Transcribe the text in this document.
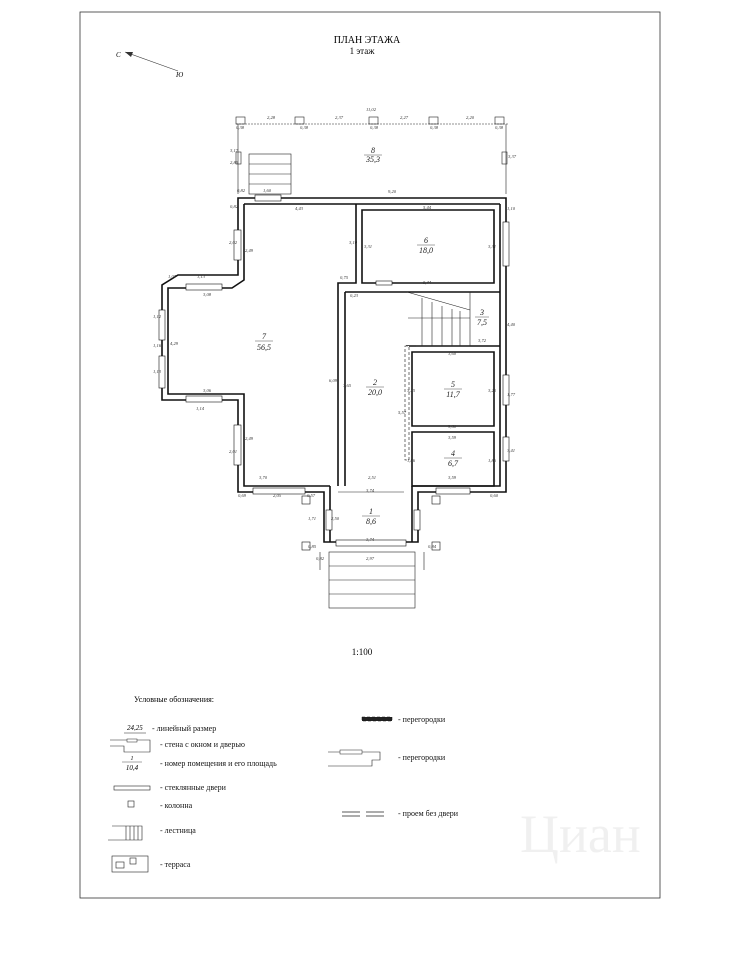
ПЛАН ЭТАЖА
1 этаж
С
Ю
8
35,3
6
18,0
7
56,5
3
7,5
2
20,0
5
11,7
4
6,7
1
8,6
11,02
0,38
2,28
0,38
2,37
0,38
2,27
0,38
2,20
0,38
9,20
1,60
0,82
4,43	5,44
5,44
0,75
0,23
1,07	1,13
3,08
3,06
1,14
3,70
2,05
0,69	0,57
3,60
3,60
3,59
3,59
3,72
2,51
3,74
3,74
2,97
0,82
0,60
3,17
2,85
3,37
0,82
2,02
2,49
3,10
3,31	3,31
1,10
1,12
1,16
1,13
4,29
6,09
7,65
2,01
2,49
4,40
3,25	3,25
1,77
3,41
1,86	1,86
5,57
2,50
1,71
0,85	0,84
1:100
Условные обозначения:
24,25
1
10,4
- линейный размер
- стена с окном и дверью
- номер помещения и его площадь
- стеклянные двери
- колонна
- лестница
- терраса
- перегородки
- перегородки
- проем без двери Циан
